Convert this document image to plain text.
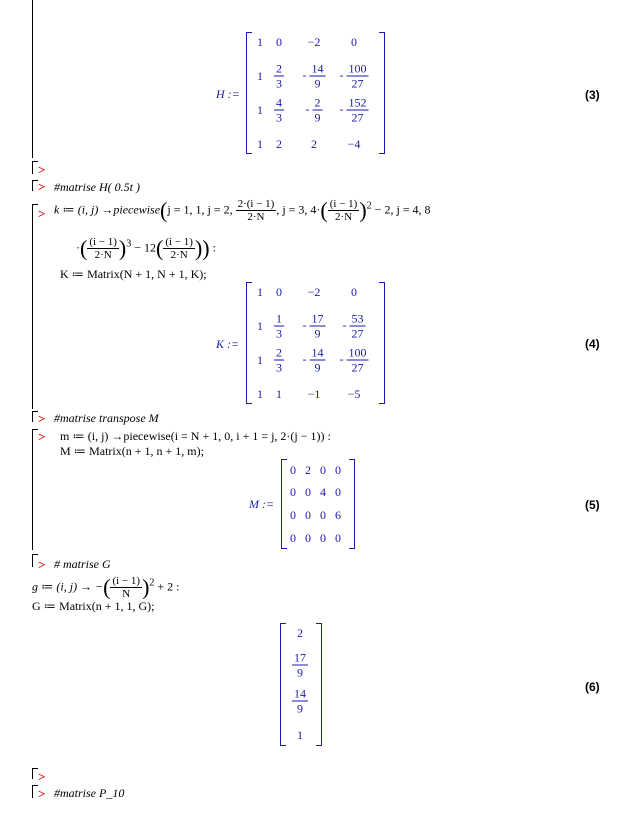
H :=
1 0 −2	0
$1 \frac{2}{3} - \frac{14}{9} - \frac{100}{27}$
$1 \frac{4}{3} - \frac{2}{9} - \frac{152}{27}$
1 2 2	−4
(3)
>
> #matrise H( 0.5t )
> k ≔ (i, j) →piecewise(j = 1, 1, j = 2, $\frac{2\cdot(i - 1)}{2\cdot N}$ , j = 3, $4\cdot( \frac{(i - 1)}{2\cdot N} )^2 - 2$, j = 4, 8
·( $\frac{(i - 1)}{2\cdot N} )^3 - 12( \frac{(i - 1)}{2\cdot N}$ )) :
K ≔ Matrix(N + 1, N + 1, K);
K :=
1 0 −2	0
$1 \frac{1}{3} - \frac{17}{9} - \frac{53}{27}$
$1 \frac{2}{3} - \frac{14}{9} - \frac{100}{27}$
1 1 −1 −5
(4)
> #matrise transpose M
> m ≔ (i, j) →piecewise(i = N + 1, 0, i + 1 = j, 2·(j − 1)) :
M ≔ Matrix(n + 1, n + 1, m);
M :=
0 2 0 0
0 0 4 0
0 0 0 6
0 0 0 0
(5)
> # matrise G
g ≔ (i, j) → −( $\frac{(i - 1)}{N} )^2 + 2$ :
G ≔ Matrix(n + 1, 1, G);
2
$\frac{17}{9}$
$\frac{14}{9}$
1
(6)
>
> #matrise P_10
